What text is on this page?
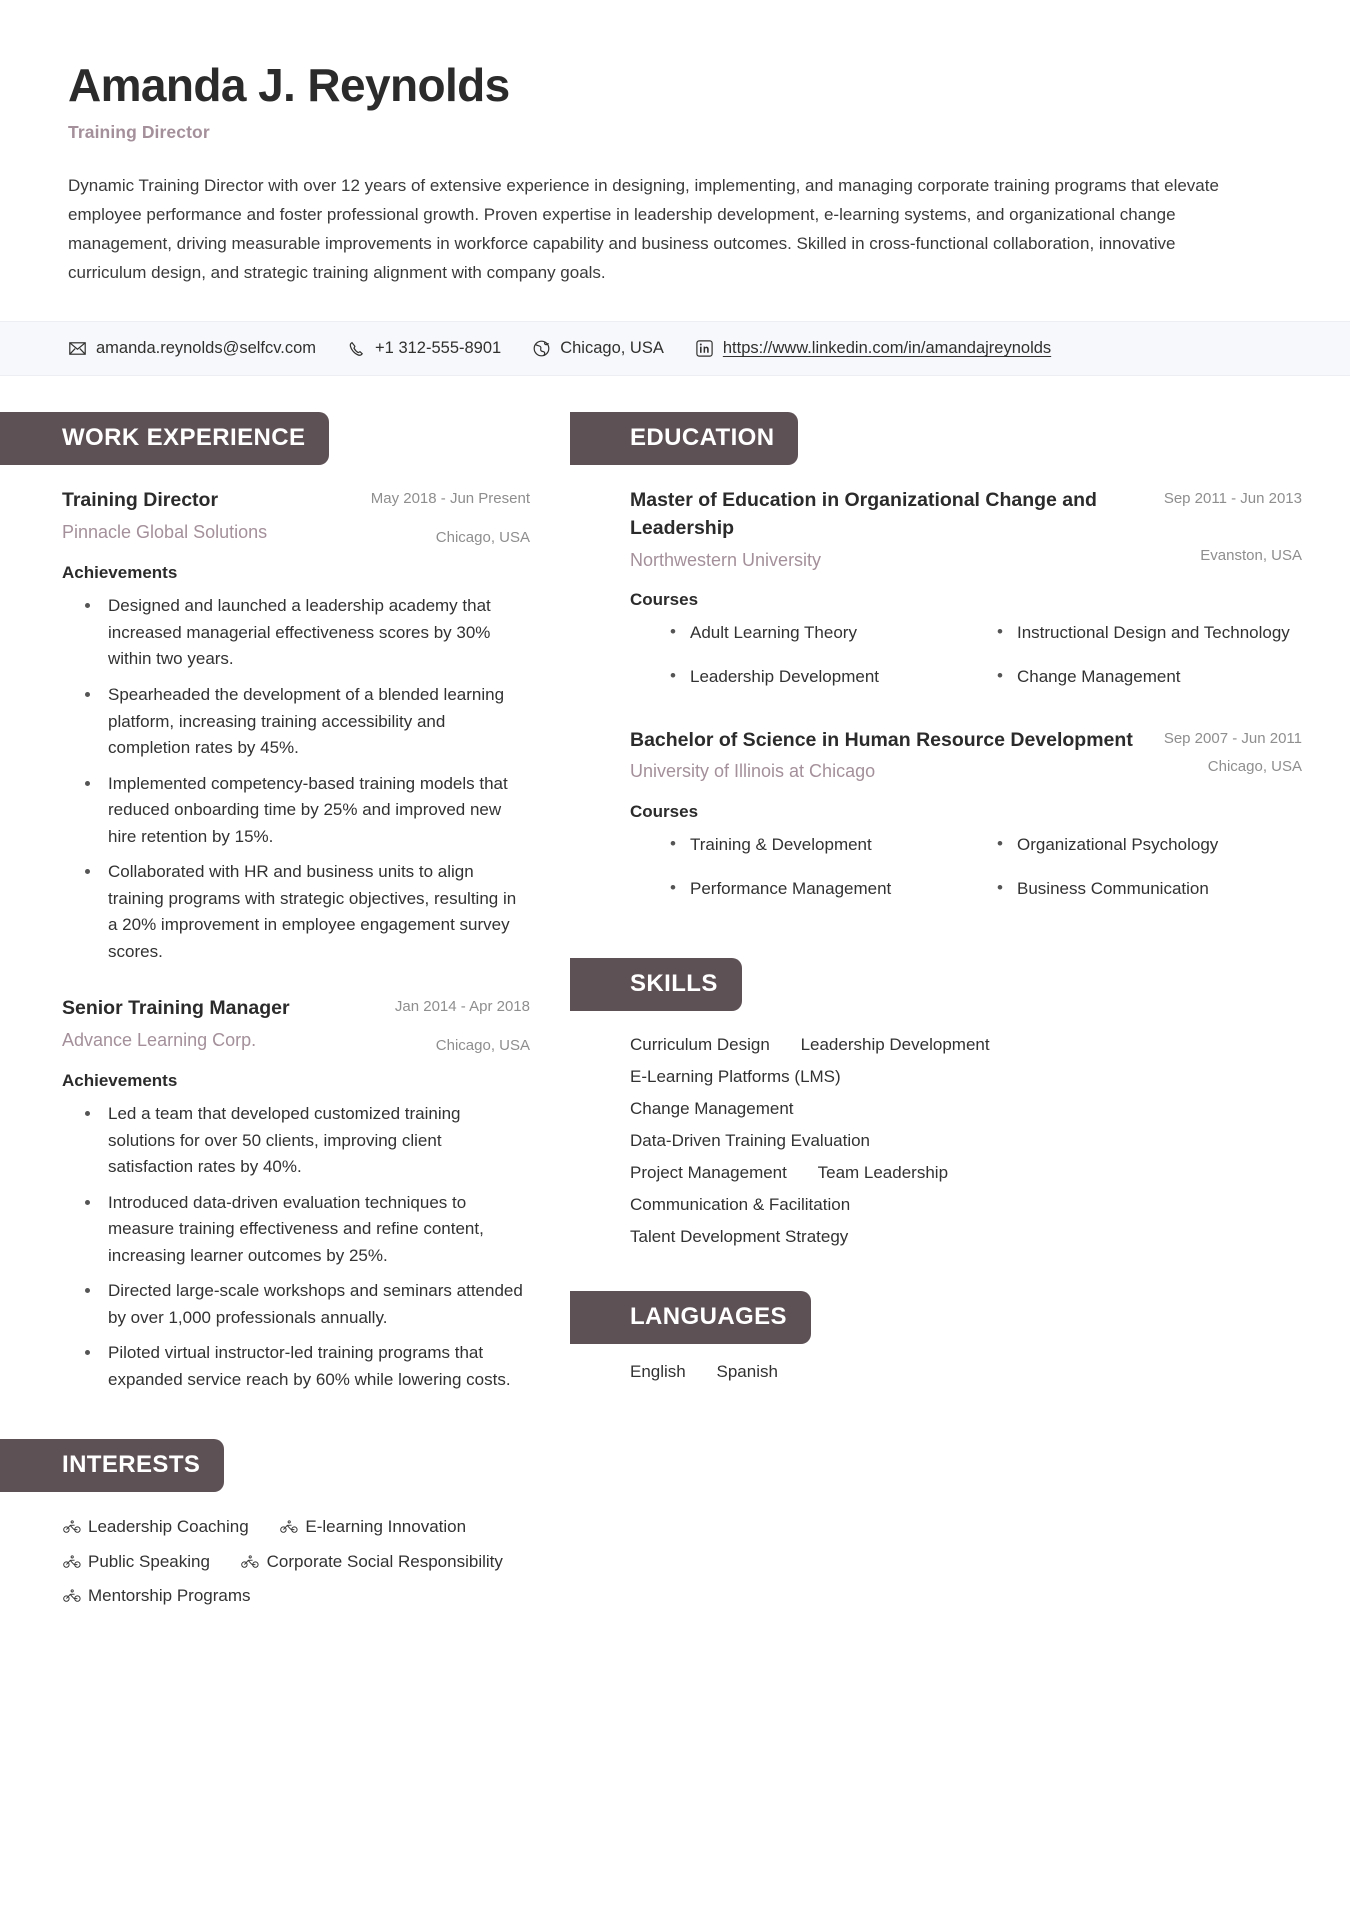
Amanda J. Reynolds
Training Director
Dynamic Training Director with over 12 years of extensive experience in designing, implementing, and managing corporate training programs that elevate employee performance and foster professional growth. Proven expertise in leadership development, e-learning systems, and organizational change management, driving measurable improvements in workforce capability and business outcomes. Skilled in cross-functional collaboration, innovative curriculum design, and strategic training alignment with company goals.
amanda.reynolds@selfcv.com	+1 312-555-8901	Chicago, USA	https://www.linkedin.com/in/amandajreynolds
WORK EXPERIENCE
Training Director
Pinnacle Global Solutions
May 2018 - Jun Present
Chicago, USA
Achievements
• Designed and launched a leadership academy that increased managerial effectiveness scores by 30% within two years.
• Spearheaded the development of a blended learning platform, increasing training accessibility and completion rates by 45%.
• Implemented competency-based training models that reduced onboarding time by 25% and improved new hire retention by 15%.
• Collaborated with HR and business units to align training programs with strategic objectives, resulting in a 20% improvement in employee engagement survey scores.
Senior Training Manager
Advance Learning Corp.
Jan 2014 - Apr 2018
Chicago, USA
Achievements
• Led a team that developed customized training solutions for over 50 clients, improving client satisfaction rates by 40%.
• Introduced data-driven evaluation techniques to measure training effectiveness and refine content, increasing learner outcomes by 25%.
• Directed large-scale workshops and seminars attended by over 1,000 professionals annually.
• Piloted virtual instructor-led training programs that expanded service reach by 60% while lowering costs.
INTERESTS
Leadership Coaching
	E-learning Innovation
Public Speaking
	Corporate Social Responsibility
Mentorship Programs
EDUCATION
Master of Education in Organizational Change and Leadership
Sep 2011 - Jun 2013
Northwestern University	Evanston, USA
Courses
• Adult Learning Theory
• Leadership Development
• Instructional Design and Technology
• Change Management
Bachelor of Science in Human Resource Development	Sep 2007 - Jun 2011
University of Illinois at Chicago	Chicago, USA
Courses
• Training & Development
• Performance Management
• Organizational Psychology
• Business Communication
SKILLS
Curriculum Design Leadership Development
E-Learning Platforms (LMS)
Change Management
Data-Driven Training Evaluation
Project Management Team Leadership
Communication & Facilitation
Talent Development Strategy
LANGUAGES
English Spanish
